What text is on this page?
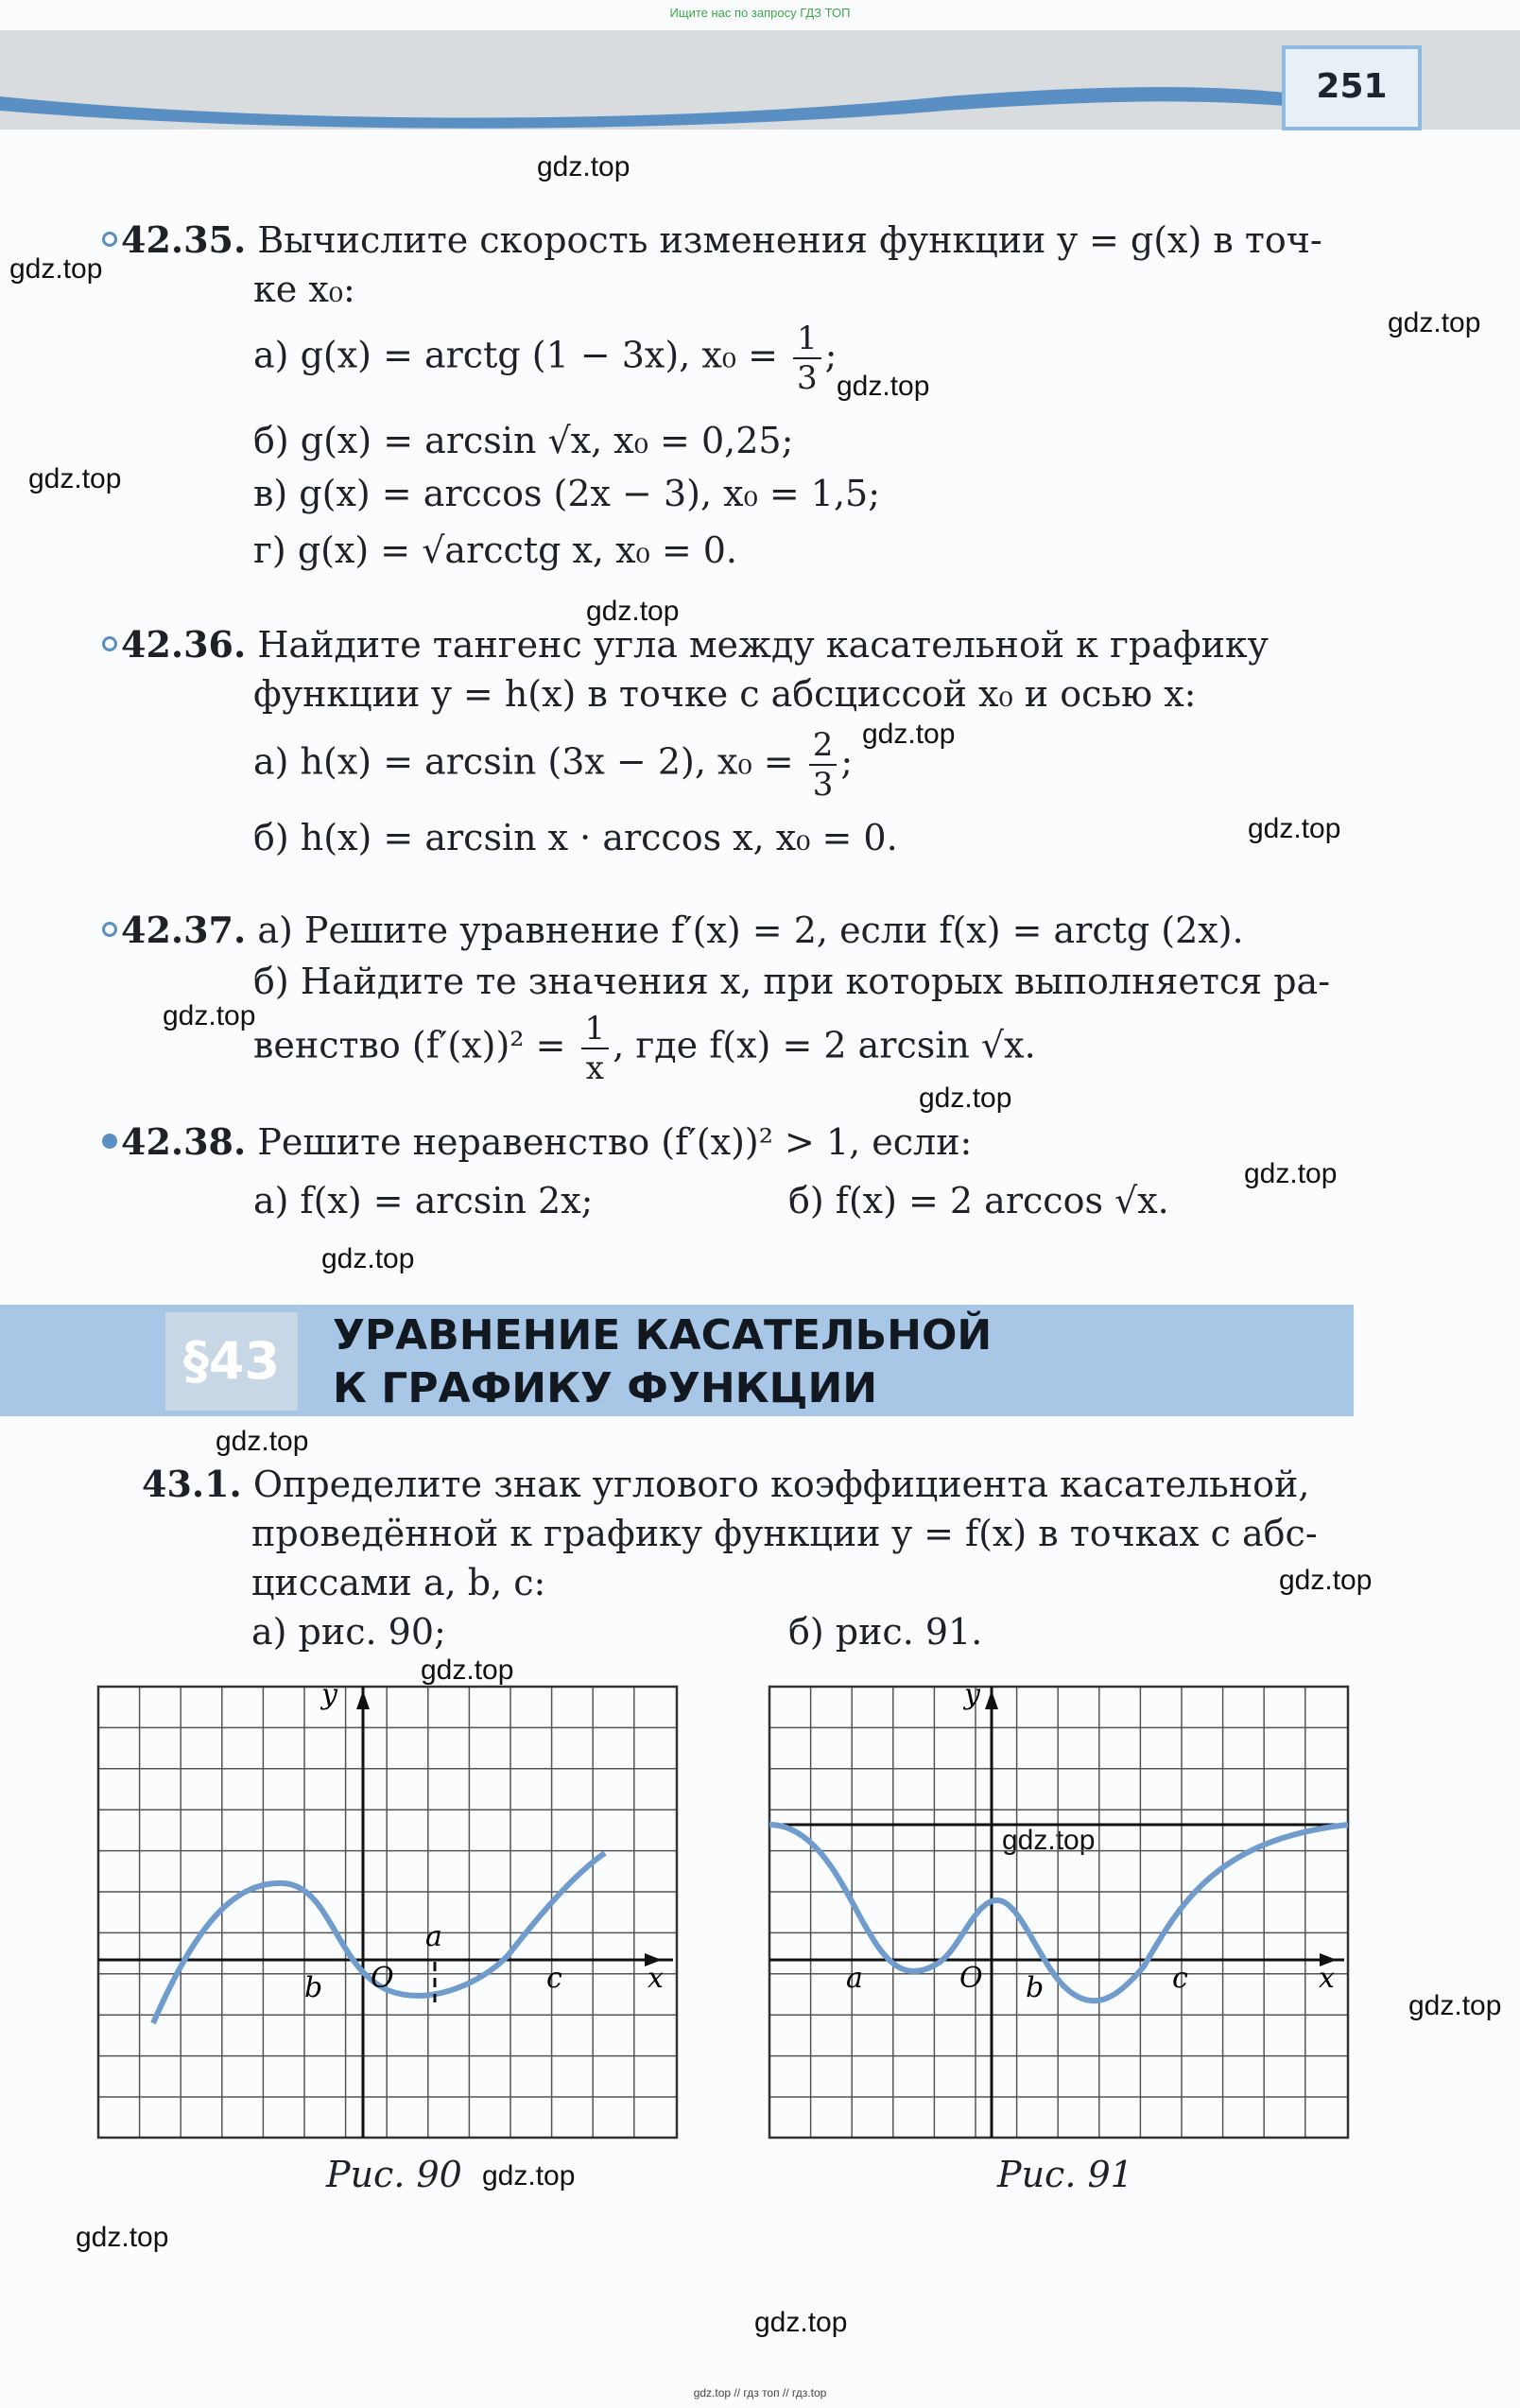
Ищите нас по запросу ГДЗ ТОП
251
gdz.top
gdz.top
gdz.top
gdz.top
gdz.top
gdz.top
gdz.top
gdz.top
gdz.top
gdz.top
gdz.top
gdz.top
gdz.top
gdz.top
gdz.top
gdz.top
gdz.top
gdz.top
gdz.top
gdz.top
42.35. Вычислите скорость изменения функции y = g(x) в точ-
ке x₀:
а) g(x) = arctg (1 − 3x), $x_0 = \frac{1}{3}$ ;
б) g(x) = arcsin √x, x₀ = 0,25;
в) g(x) = arccos (2x − 3), x₀ = 1,5;
г) g(x) = √arcctg x, x₀ = 0.
42.36. Найдите тангенс угла между касательной к графику
функции y = h(x) в точке с абсциссой x₀ и осью x:
а) h(x) = arcsin (3x − 2), $x_0 = \frac{2}{3}$ ;
б) h(x) = arcsin x · arccos x, x₀ = 0.
42.37. а) Решите уравнение f′(x) = 2, если f(x) = arctg (2x).
б) Найдите те значения x, при которых выполняется ра-
венство $(f'(x))^2 = \frac{1}{x}$ , где f(x) = 2 arcsin √x.
42.38. Решите неравенство (f′(x))² > 1, если:
а) f(x) = arcsin 2x;	б) f(x) = 2 arccos √x.
§43	УРАВНЕНИЕ КАСАТЕЛЬНОЙ
К ГРАФИКУ ФУНКЦИИ
43.1. Определите знак углового коэффициента касательной,
проведённой к графику функции y = f(x) в точках с абс-
циссами a, b, c:
а) рис. 90;	б) рис. 91.
y
x
O
a
b	c
Рис. 90
y
x
O
a	b	c
Рис. 91
gdz.top // гдз топ // гдз.top
